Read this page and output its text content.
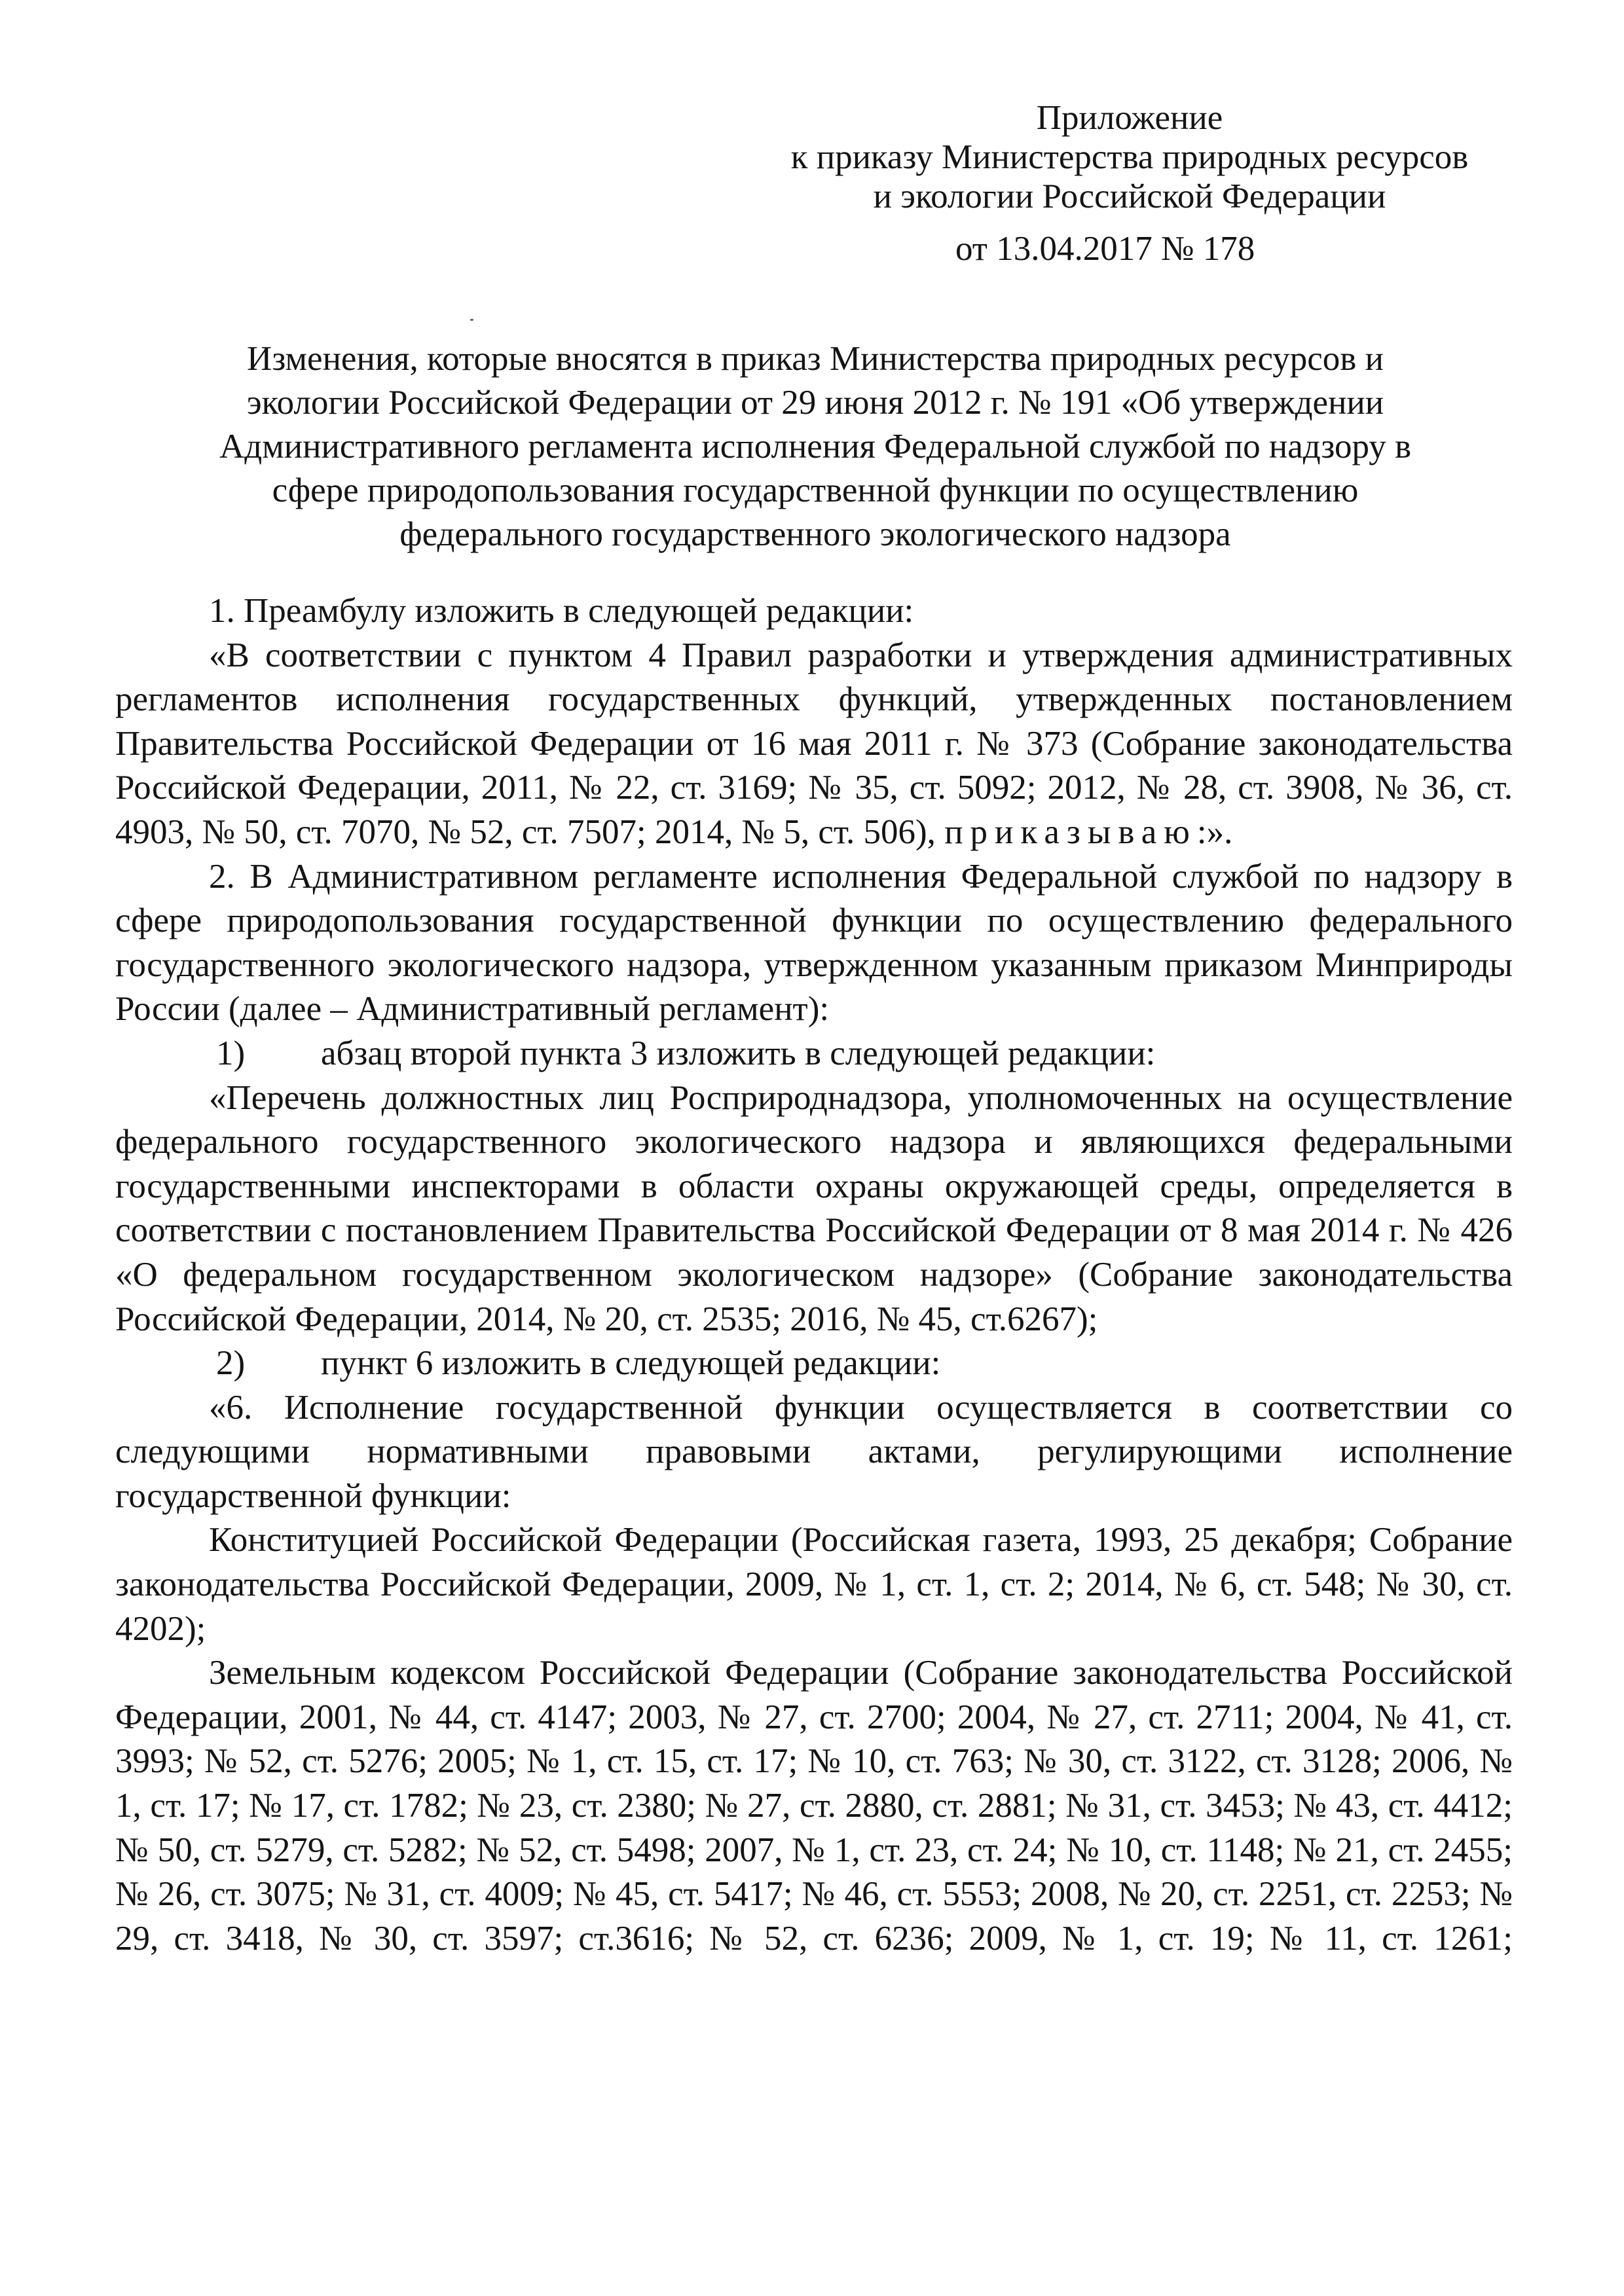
Приложение
к приказу Министерства природных ресурсов
и экологии Российской Федерации
от 13.04.2017 № 178
Изменения, которые вносятся в приказ Министерства природных ресурсов и
экологии Российской Федерации от 29 июня 2012 г. № 191 «Об утверждении
Административного регламента исполнения Федеральной службой по надзору в
сфере природопользования государственной функции по осуществлению
федерального государственного экологического надзора

1. Преамбулу изложить в следующей редакции:

«В соответствии с пунктом 4 Правил разработки и утверждения административных регламентов исполнения государственных функций, утвержденных постановлением Правительства Российской Федерации от 16 мая 2011 г. № 373 (Собрание законодательства Российской Федерации, 2011, № 22, ст. 3169; № 35, ст. 5092; 2012, № 28, ст. 3908, № 36, ст. 4903, № 50, ст. 7070, № 52, ст. 7507; 2014, № 5, ст. 506), приказываю:».

2. В Административном регламенте исполнения Федеральной службой по надзору в сфере природопользования государственной функции по осуществлению федерального государственного экологического надзора, утвержденном указанным приказом Минприроды России (далее – Административный регламент):

1) абзац второй пункта 3 изложить в следующей редакции:

«Перечень должностных лиц Росприроднадзора, уполномоченных на осуществление федерального государственного экологического надзора и являющихся федеральными государственными инспекторами в области охраны окружающей среды, определяется в соответствии с постановлением Правительства Российской Федерации от 8 мая 2014 г. № 426 «О федеральном государственном экологическом надзоре» (Собрание законодательства Российской Федерации, 2014, № 20, ст. 2535; 2016, № 45, ст.6267);

2) пункт 6 изложить в следующей редакции:

«6. Исполнение государственной функции осуществляется в соответствии со следующими нормативными правовыми актами, регулирующими исполнение государственной функции:

Конституцией Российской Федерации (Российская газета, 1993, 25 декабря; Собрание законодательства Российской Федерации, 2009, № 1, ст. 1, ст. 2; 2014, № 6, ст. 548; № 30, ст. 4202);

Земельным кодексом Российской Федерации (Собрание законодательства Российской Федерации, 2001, № 44, ст. 4147; 2003, № 27, ст. 2700; 2004, № 27, ст. 2711; 2004, № 41, ст. 3993; № 52, ст. 5276; 2005; № 1, ст. 15, ст. 17; № 10, ст. 763; № 30, ст. 3122, ст. 3128; 2006, № 1, ст. 17; № 17, ст. 1782; № 23, ст. 2380; № 27, ст. 2880, ст. 2881; № 31, ст. 3453; № 43, ст. 4412; № 50, ст. 5279, ст. 5282; № 52, ст. 5498; 2007, № 1, ст. 23, ст. 24; № 10, ст. 1148; № 21, ст. 2455; № 26, ст. 3075; № 31, ст. 4009; № 45, ст. 5417; № 46, ст. 5553; 2008, № 20, ст. 2251, ст. 2253; № 29, ст. 3418, № 30, ст. 3597; ст.3616; № 52, ст. 6236; 2009, № 1, ст. 19; № 11, ст. 1261;
